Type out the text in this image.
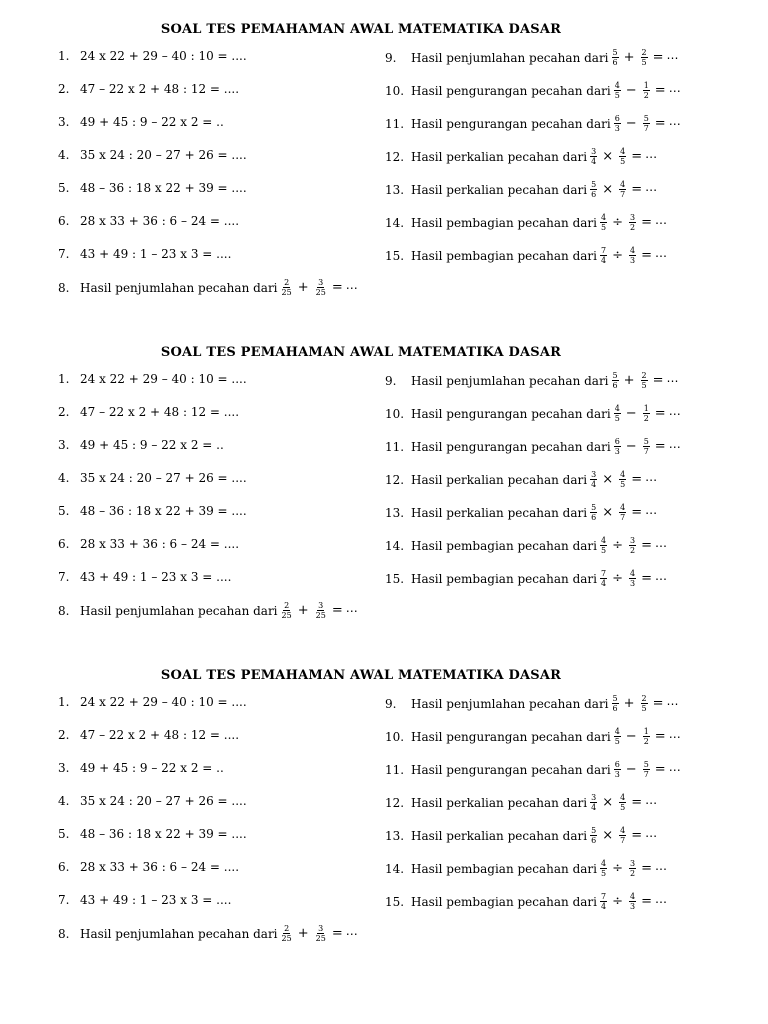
SOAL TES PEMAHAMAN AWAL MATEMATIKA DASAR
1. 24 x 22 + 29 – 40 : 10 = ....
2. 47 – 22 x 2 + 48 : 12 = ....
3. 49 + 45 : 9 – 22 x 2 = ..
4. 35 x 24 : 20 – 27 + 26 = ....
5. 48 – 36 : 18 x 22 + 39 = ....
6. 28 x 33 + 36 : 6 – 24 = ....
7. 43 + 49 : 1 – 23 x 3 = ....
8. Hasil penjumlahan pecahan dari $\frac{2}{25} + \frac{3}{25}$ = ⋯
9.	Hasil penjumlahan pecahan dari $\frac{5}{6} + \frac{2}{5}$ = ⋯
10. Hasil pengurangan pecahan dari $\frac{4}{5} - \frac{1}{2}$ = ⋯
11. Hasil pengurangan pecahan dari $\frac{6}{3} - \frac{5}{7}$ = ⋯
12. Hasil perkalian pecahan dari $\frac{3}{4} \times \frac{4}{5}$ = ⋯
13. Hasil perkalian pecahan dari $\frac{5}{6} \times \frac{4}{7}$ = ⋯
14. Hasil pembagian pecahan dari $\frac{4}{5} \div \frac{3}{2}$ = ⋯
15. Hasil pembagian pecahan dari $\frac{7}{4} \div \frac{4}{3}$ = ⋯
SOAL TES PEMAHAMAN AWAL MATEMATIKA DASAR
1. 24 x 22 + 29 – 40 : 10 = ....
2. 47 – 22 x 2 + 48 : 12 = ....
3. 49 + 45 : 9 – 22 x 2 = ..
4. 35 x 24 : 20 – 27 + 26 = ....
5. 48 – 36 : 18 x 22 + 39 = ....
6. 28 x 33 + 36 : 6 – 24 = ....
7. 43 + 49 : 1 – 23 x 3 = ....
8. Hasil penjumlahan pecahan dari $\frac{2}{25} + \frac{3}{25}$ = ⋯
9.	Hasil penjumlahan pecahan dari $\frac{5}{6} + \frac{2}{5}$ = ⋯
10. Hasil pengurangan pecahan dari $\frac{4}{5} - \frac{1}{2}$ = ⋯
11. Hasil pengurangan pecahan dari $\frac{6}{3} - \frac{5}{7}$ = ⋯
12. Hasil perkalian pecahan dari $\frac{3}{4} \times \frac{4}{5}$ = ⋯
13. Hasil perkalian pecahan dari $\frac{5}{6} \times \frac{4}{7}$ = ⋯
14. Hasil pembagian pecahan dari $\frac{4}{5} \div \frac{3}{2}$ = ⋯
15. Hasil pembagian pecahan dari $\frac{7}{4} \div \frac{4}{3}$ = ⋯
SOAL TES PEMAHAMAN AWAL MATEMATIKA DASAR
1. 24 x 22 + 29 – 40 : 10 = ....
2. 47 – 22 x 2 + 48 : 12 = ....
3. 49 + 45 : 9 – 22 x 2 = ..
4. 35 x 24 : 20 – 27 + 26 = ....
5. 48 – 36 : 18 x 22 + 39 = ....
6. 28 x 33 + 36 : 6 – 24 = ....
7. 43 + 49 : 1 – 23 x 3 = ....
8. Hasil penjumlahan pecahan dari $\frac{2}{25} + \frac{3}{25}$ = ⋯
9.	Hasil penjumlahan pecahan dari $\frac{5}{6} + \frac{2}{5}$ = ⋯
10. Hasil pengurangan pecahan dari $\frac{4}{5} - \frac{1}{2}$ = ⋯
11. Hasil pengurangan pecahan dari $\frac{6}{3} - \frac{5}{7}$ = ⋯
12. Hasil perkalian pecahan dari $\frac{3}{4} \times \frac{4}{5}$ = ⋯
13. Hasil perkalian pecahan dari $\frac{5}{6} \times \frac{4}{7}$ = ⋯
14. Hasil pembagian pecahan dari $\frac{4}{5} \div \frac{3}{2}$ = ⋯
15. Hasil pembagian pecahan dari $\frac{7}{4} \div \frac{4}{3}$ = ⋯
